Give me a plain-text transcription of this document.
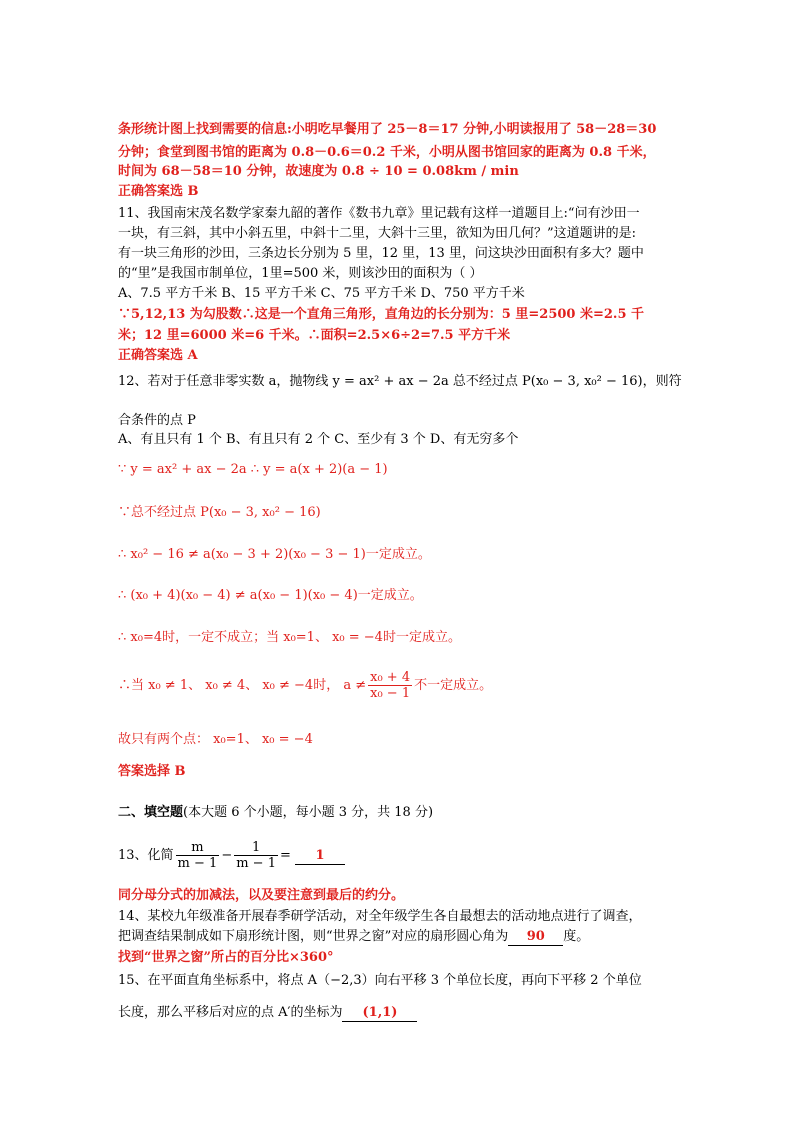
条形统计图上找到需要的信息:小明吃早餐用了 25－8＝17 分钟,小明读报用了 58－28＝30
分钟；食堂到图书馆的距离为 0.8－0.6＝0.2 千米，小明从图书馆回家的距离为 0.8 千米，
时间为 68－58＝10 分钟，故速度为 0.8 ÷ 10 = 0.08km / min
正确答案选 B
11、我国南宋茂名数学家秦九韶的著作《数书九章》里记载有这样一道题目上:“问有沙田一
一块，有三斜，其中小斜五里，中斜十二里，大斜十三里，欲知为田几何？”这道题讲的是:
有一块三角形的沙田，三条边长分别为 5 里，12 里，13 里，问这块沙田面积有多大？题中
的“里”是我国市制单位，1里=500 米，则该沙田的面积为（ ）
A、7.5 平方千米 B、15 平方千米 C、75 平方千米 D、750 平方千米
∵5,12,13 为勾股数∴这是一个直角三角形，直角边的长分别为：5 里=2500 米=2.5 千
米；12 里=6000 米=6 千米。∴面积=2.5×6÷2=7.5 平方千米
正确答案选 A
12、若对于任意非零实数 a，抛物线 y = ax² + ax − 2a 总不经过点 P(x₀ − 3, x₀² − 16)，则符
合条件的点 P
A、有且只有 1 个 B、有且只有 2 个 C、至少有 3 个 D、有无穷多个
∵ y = ax² + ax − 2a ∴ y = a(x + 2)(a − 1)
∵总不经过点 P(x₀ − 3, x₀² − 16)
∴ x₀² − 16 ≠ a(x₀ − 3 + 2)(x₀ − 3 − 1)一定成立。
∴ (x₀ + 4)(x₀ − 4) ≠ a(x₀ − 1)(x₀ − 4)一定成立。
∴ x₀=4时，一定不成立；当 x₀=1、 x₀ = −4时一定成立。
∴当 x₀ ≠ 1、 x₀ ≠ 4、 x₀ ≠ −4时， $a \ne \frac{\text{x₀ + 4}}{\text{x₀ − 1}}$ 不一定成立。
故只有两个点： x₀=1、 x₀ = −4
答案选择 B
二、填空题(本大题 6 个小题，每小题 3 分，共 18 分)
13、化简 $\frac{m}{m - 1} - \frac{1}{m - 1} = 1$
同分母分式的加减法，以及要注意到最后的约分。
14、某校九年级准备开展春季研学活动，对全年级学生各自最想去的活动地点进行了调查，
把调查结果制成如下扇形统计图，则“世界之窗”对应的扇形圆心角为 90 度。
找到“世界之窗”所占的百分比×360°
15、在平面直角坐标系中，将点 A（−2,3）向右平移 3 个单位长度，再向下平移 2 个单位
长度，那么平移后对应的点 A′的坐标为 (1,1)
